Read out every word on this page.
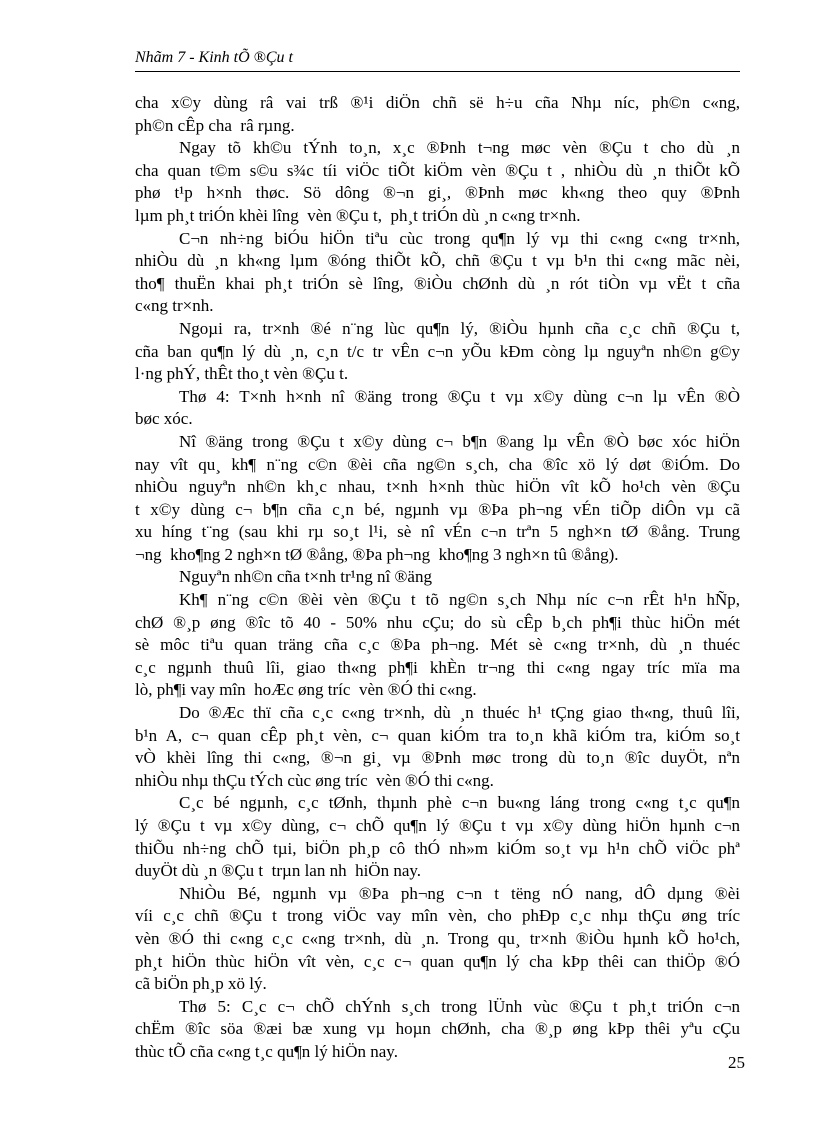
Nhãm 7 - Kinh tÕ ®Çu t

cha x©y dùng râ vai trß ®¹i diÖn chñ së h÷u cña Nhµ níc, ph©n c«ng,
ph©n cÊp cha  râ rµng.

Ngay tõ kh©u tÝnh to¸n, x¸c ®Þnh t¬ng møc vèn ®Çu t cho dù ¸n
cha quan t©m s©u s¾c tíi viÖc tiÕt kiÖm vèn ®Çu t , nhiÒu dù ¸n thiÕt kÕ
phø t¹p h×nh thøc. Sö dông ®¬n gi¸, ®Þnh møc kh«ng theo quy ®Þnh
lµm ph¸t triÓn khèi lîng  vèn ®Çu t,  ph¸t triÓn dù ¸n c«ng tr×nh.

C¬n nh÷ng biÓu hiÖn tiªu cùc trong qu¶n lý vµ thi c«ng c«ng tr×nh,
nhiÒu dù ¸n kh«ng lµm ®óng thiÕt kÕ, chñ ®Çu t vµ b¹n thi c«ng mãc nèi,
tho¶ thuËn khai ph¸t triÓn sè lîng, ®iÒu chØnh dù ¸n rót tiÒn vµ vËt t cña
c«ng tr×nh.

Ngoµi ra, tr×nh ®é n¨ng lùc qu¶n lý, ®iÒu hµnh cña c¸c chñ ®Çu t,
cña ban qu¶n lý dù ¸n, c¸n t/c tr vÊn c¬n yÕu kÐm còng lµ nguyªn nh©n g©y
l·ng phÝ, thÊt tho¸t vèn ®Çu t.

Thø 4: T×nh h×nh nî ®äng trong ®Çu t vµ x©y dùng c¬n lµ vÊn ®Ò
bøc xóc.

Nî ®äng trong ®Çu t x©y dùng c¬ b¶n ®ang lµ vÊn ®Ò bøc xóc hiÖn
nay vît qu¸ kh¶ n¨ng c©n ®èi cña ng©n s¸ch, cha ®îc xö lý døt ®iÓm. Do
nhiÒu nguyªn nh©n kh¸c nhau, t×nh h×nh thùc hiÖn vît kÕ ho¹ch vèn ®Çu
t x©y dùng c¬ b¶n cña c¸n bé, ngµnh vµ ®Þa ph¬ng vÉn tiÕp diÔn vµ cã
xu híng t¨ng (sau khi rµ so¸t l¹i, sè nî vÉn c¬n trªn 5 ngh×n tØ ®ång. Trung
¬ng  kho¶ng 2 ngh×n tØ ®ång, ®Þa ph¬ng  kho¶ng 3 ngh×n tû ®ång).

Nguyªn nh©n cña t×nh tr¹ng nî ®äng

Kh¶ n¨ng c©n ®èi vèn ®Çu t tõ ng©n s¸ch Nhµ níc c¬n rÊt h¹n hÑp,
chØ ®¸p øng ®îc tõ 40 - 50% nhu cÇu; do sù cÊp b¸ch ph¶i thùc hiÖn mét
sè môc tiªu quan träng cña c¸c ®Þa ph¬ng. Mét sè c«ng tr×nh, dù ¸n thuéc
c¸c ngµnh thuû lîi, giao th«ng ph¶i khÈn tr¬ng thi c«ng ngay tríc mïa ma
lò, ph¶i vay mîn  hoÆc øng tríc  vèn ®Ó thi c«ng.

Do ®Æc thï cña c¸c c«ng tr×nh, dù ¸n thuéc h¹ tÇng giao th«ng, thuû lîi,
b¹n A, c¬ quan cÊp ph¸t vèn, c¬ quan kiÓm tra to¸n khã kiÓm tra, kiÓm so¸t
vÒ khèi lîng thi c«ng, ®¬n gi¸ vµ ®Þnh møc trong dù to¸n ®îc duyÖt, nªn
nhiÒu nhµ thÇu tÝch cùc øng tríc  vèn ®Ó thi c«ng.

C¸c bé ngµnh, c¸c tØnh, thµnh phè c¬n bu«ng láng trong c«ng t¸c qu¶n
lý ®Çu t vµ x©y dùng, c¬ chÕ qu¶n lý ®Çu t vµ x©y dùng hiÖn hµnh c¬n
thiÕu nh÷ng chÕ tµi, biÖn ph¸p cô thÓ nh»m kiÓm so¸t vµ h¹n chÕ viÖc phª
duyÖt dù ¸n ®Çu t  trµn lan nh  hiÖn nay.

NhiÒu Bé, ngµnh vµ ®Þa ph¬ng c¬n t tëng nÓ nang, dÔ dµng ®èi
víi c¸c chñ ®Çu t trong viÖc vay mîn vèn, cho phÐp c¸c nhµ thÇu øng tríc
vèn ®Ó thi c«ng c¸c c«ng tr×nh, dù ¸n. Trong qu¸ tr×nh ®iÒu hµnh kÕ ho¹ch,
ph¸t hiÖn thùc hiÖn vît vèn, c¸c c¬ quan qu¶n lý cha kÞp thêi can thiÖp ®Ó
cã biÖn ph¸p xö lý.

Thø 5: C¸c c¬ chÕ chÝnh s¸ch trong lÜnh vùc ®Çu t ph¸t triÓn c¬n
chËm ®îc söa ®æi bæ xung vµ hoµn chØnh, cha ®¸p øng kÞp thêi yªu cÇu
thùc tÕ cña c«ng t¸c qu¶n lý hiÖn nay.

25
